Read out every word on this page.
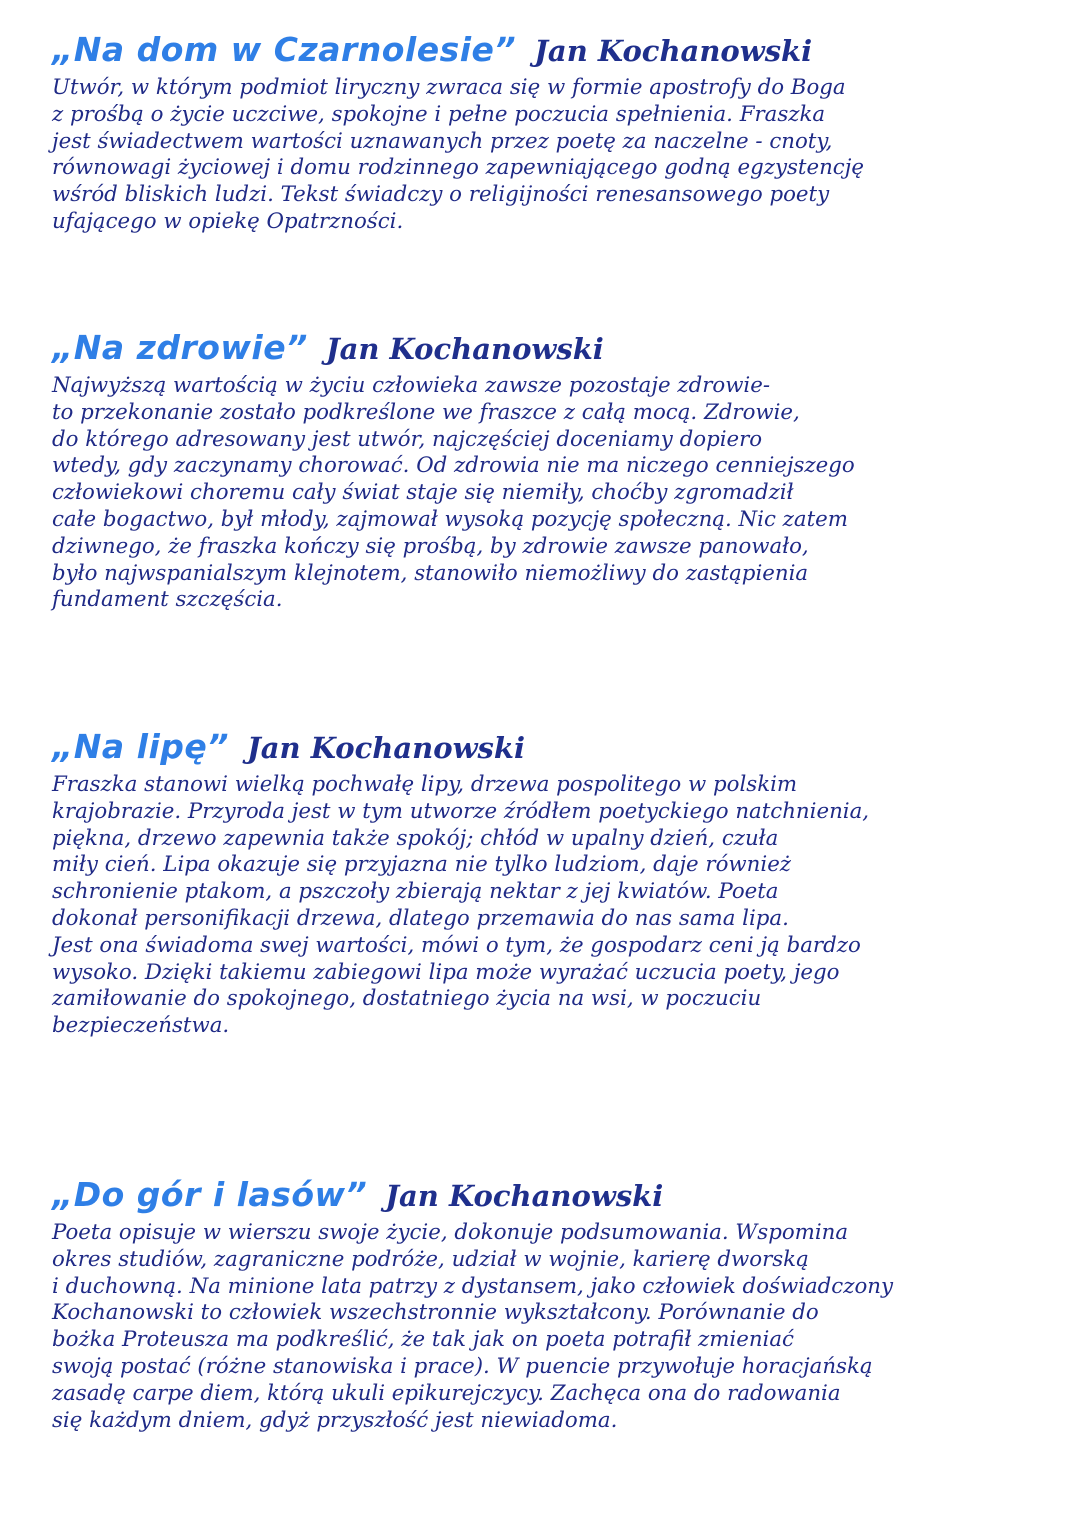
„Na dom w Czarnolesie” Jan Kochanowski

Utwór, w którym podmiot liryczny zwraca się w formie apostrofy do Boga
z prośbą o życie uczciwe, spokojne i pełne poczucia spełnienia. Fraszka
jest świadectwem wartości uznawanych przez poetę za naczelne - cnoty,
równowagi życiowej i domu rodzinnego zapewniającego godną egzystencję
wśród bliskich ludzi. Tekst świadczy o religijności renesansowego poety
ufającego w opiekę Opatrzności.

„Na zdrowie” Jan Kochanowski

Najwyższą wartością w życiu człowieka zawsze pozostaje zdrowie-
to przekonanie zostało podkreślone we fraszce z całą mocą. Zdrowie,
do którego adresowany jest utwór, najczęściej doceniamy dopiero
wtedy, gdy zaczynamy chorować. Od zdrowia nie ma niczego cenniejszego
człowiekowi choremu cały świat staje się niemiły, choćby zgromadził
całe bogactwo, był młody, zajmował wysoką pozycję społeczną. Nic zatem
dziwnego, że fraszka kończy się prośbą, by zdrowie zawsze panowało,
było najwspanialszym klejnotem, stanowiło niemożliwy do zastąpienia
fundament szczęścia.

„Na lipę” Jan Kochanowski

Fraszka stanowi wielką pochwałę lipy, drzewa pospolitego w polskim
krajobrazie. Przyroda jest w tym utworze źródłem poetyckiego natchnienia,
piękna, drzewo zapewnia także spokój; chłód w upalny dzień, czuła
miły cień. Lipa okazuje się przyjazna nie tylko ludziom, daje również
schronienie ptakom, a pszczoły zbierają nektar z jej kwiatów. Poeta
dokonał personifikacji drzewa, dlatego przemawia do nas sama lipa.
Jest ona świadoma swej wartości, mówi o tym, że gospodarz ceni ją bardzo
wysoko. Dzięki takiemu zabiegowi lipa może wyrażać uczucia poety, jego
zamiłowanie do spokojnego, dostatniego życia na wsi, w poczuciu
bezpieczeństwa.

„Do gór i lasów” Jan Kochanowski

Poeta opisuje w wierszu swoje życie, dokonuje podsumowania. Wspomina
okres studiów, zagraniczne podróże, udział w wojnie, karierę dworską
i duchowną. Na minione lata patrzy z dystansem, jako człowiek doświadczony
Kochanowski to człowiek wszechstronnie wykształcony. Porównanie do
bożka Proteusza ma podkreślić, że tak jak on poeta potrafił zmieniać
swoją postać (różne stanowiska i prace). W puencie przywołuje horacjańską
zasadę carpe diem, którą ukuli epikurejczycy. Zachęca ona do radowania
się każdym dniem, gdyż przyszłość jest niewiadoma.
